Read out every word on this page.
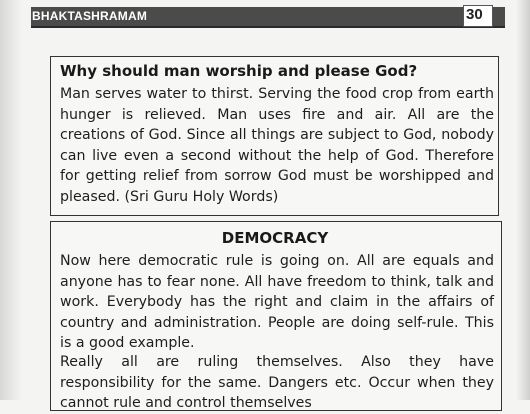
BHAKTASHRAMAM	30
Why should man worship and please God?
Man serves water to thirst. Serving the food crop from earth hunger is relieved. Man uses fire and air. All are the creations of God. Since all things are subject to God, nobody can live even a second without the help of God. Therefore for getting relief from sorrow God must be worshipped and pleased. (Sri Guru Holy Words)
DEMOCRACY
Now here democratic rule is going on. All are equals and anyone has to fear none. All have freedom to think, talk and work. Everybody has the right and claim in the affairs of country and administration. People are doing self-rule. This is a good example.
Really all are ruling themselves. Also they have responsibility for the same. Dangers etc. Occur when they cannot rule and control themselves
